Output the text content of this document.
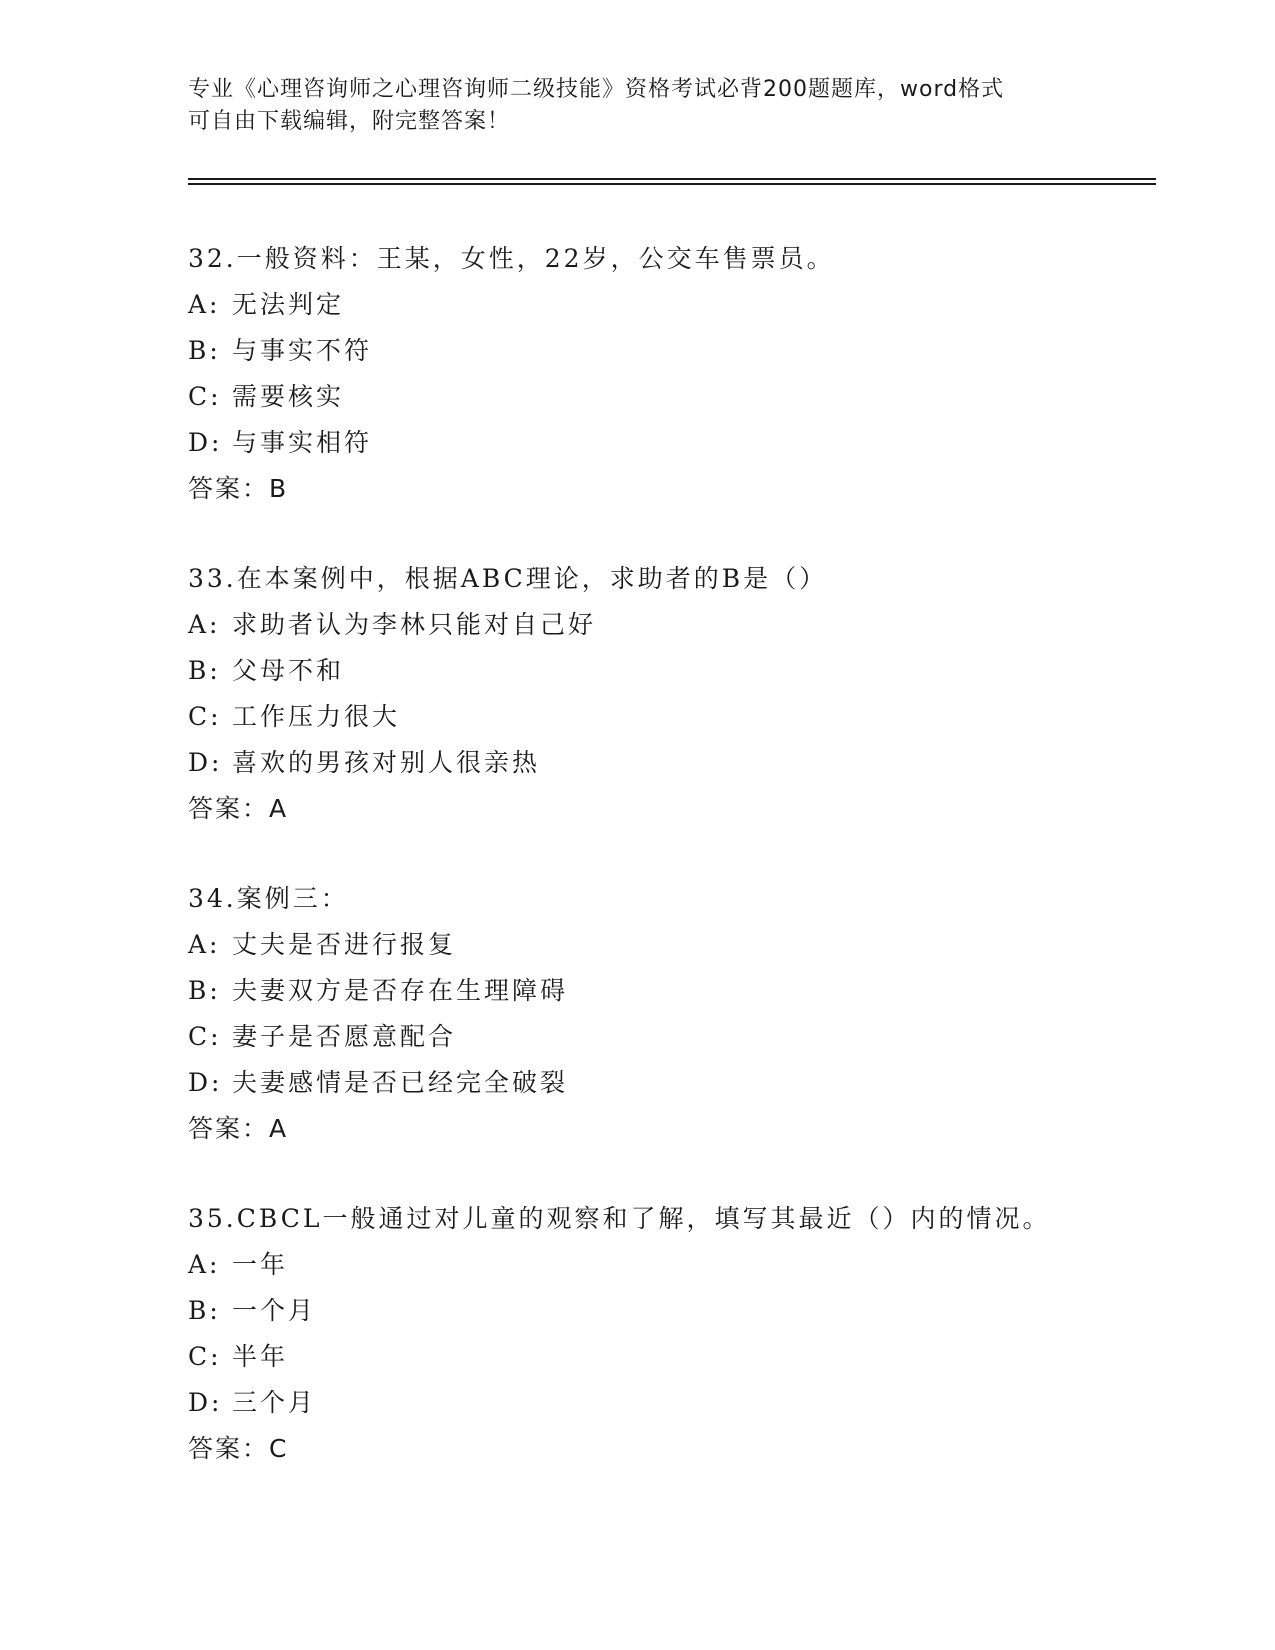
专业《心理咨询师之心理咨询师二级技能》资格考试必背200题题库，word格式
可自由下载编辑，附完整答案！
32.一般资料：王某，女性，22岁，公交车售票员。
A: 无法判定
B: 与事实不符
C: 需要核实
D: 与事实相符
答案：B
33.在本案例中，根据ABC理论，求助者的B是（）
A: 求助者认为李林只能对自己好
B: 父母不和
C: 工作压力很大
D: 喜欢的男孩对别人很亲热
答案：A
34.案例三：
A: 丈夫是否进行报复
B: 夫妻双方是否存在生理障碍
C: 妻子是否愿意配合
D: 夫妻感情是否已经完全破裂
答案：A
35.CBCL一般通过对儿童的观察和了解，填写其最近（）内的情况。
A: 一年
B: 一个月
C: 半年
D: 三个月
答案：C
